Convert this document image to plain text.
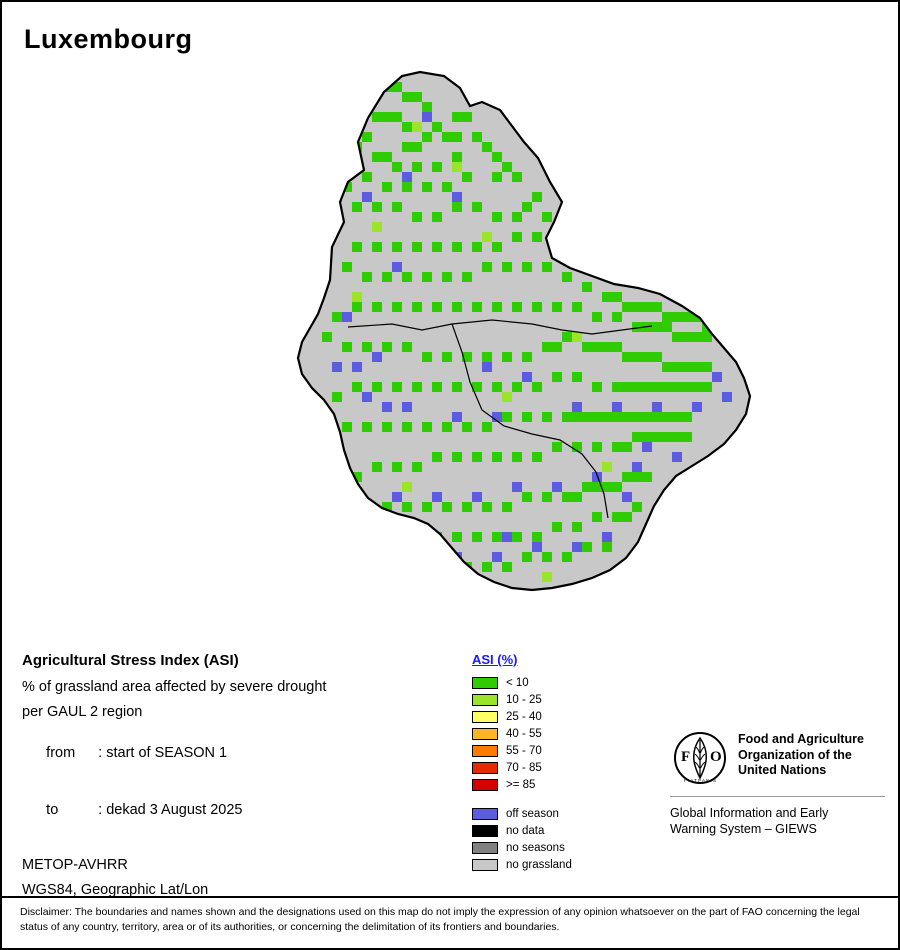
Luxembourg
Agricultural Stress Index (ASI)
% of grassland area affected by severe drought
per GAUL 2 region

from : start of SEASON 1

to	: dekad 3 August 2025

METOP-AVHRR
WGS84, Geographic Lat/Lon
ASI (%)
< 10
10 - 25
25 - 40
40 - 55
55 - 70
70 - 85
>= 85
off season
no data
no seasons
no grassland
F O
F I A T P A N I S
Food and Agriculture
Organization of the
United Nations
Global Information and Early
Warning System – GIEWS
Disclaimer: The boundaries and names shown and the designations used on this map do not imply the expression of any opinion whatsoever on the part of FAO concerning the legal status of any country, territory, area or of its authorities, or concerning the delimitation of its frontiers and boundaries.
